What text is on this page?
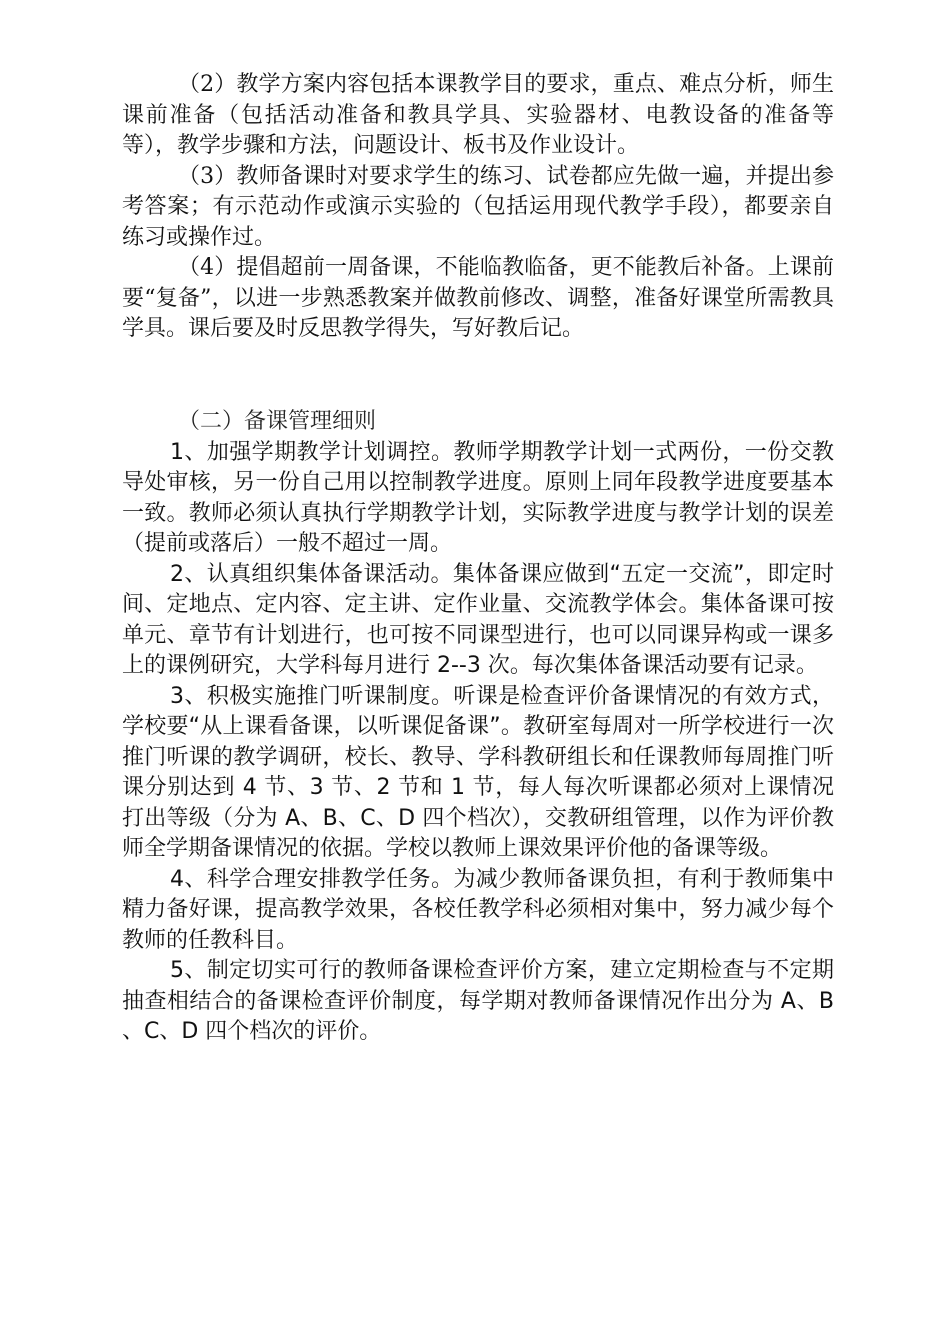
（2）教学方案内容包括本课教学目的要求，重点、难点分析，师生课前准备（包括活动准备和教具学具、实验器材、电教设备的准备等等），教学步骤和方法，问题设计、板书及作业设计。

（3）教师备课时对要求学生的练习、试卷都应先做一遍，并提出参考答案；有示范动作或演示实验的（包括运用现代教学手段），都要亲自练习或操作过。

（4）提倡超前一周备课，不能临教临备，更不能教后补备。上课前要“复备”，以进一步熟悉教案并做教前修改、调整，准备好课堂所需教具学具。课后要及时反思教学得失，写好教后记。

（二）备课管理细则

1、加强学期教学计划调控。教师学期教学计划一式两份，一份交教导处审核，另一份自己用以控制教学进度。原则上同年段教学进度要基本一致。教师必须认真执行学期教学计划，实际教学进度与教学计划的误差（提前或落后）一般不超过一周。

2、认真组织集体备课活动。集体备课应做到“五定一交流”，即定时间、定地点、定内容、定主讲、定作业量、交流教学体会。集体备课可按单元、章节有计划进行，也可按不同课型进行，也可以同课异构或一课多上的课例研究，大学科每月进行 2--3 次。每次集体备课活动要有记录。

3、积极实施推门听课制度。听课是检查评价备课情况的有效方式，学校要“从上课看备课，以听课促备课”。教研室每周对一所学校进行一次推门听课的教学调研，校长、教导、学科教研组长和任课教师每周推门听课分别达到 4 节、3 节、2 节和 1 节，每人每次听课都必须对上课情况打出等级（分为 A、B、C、D 四个档次），交教研组管理，以作为评价教师全学期备课情况的依据。学校以教师上课效果评价他的备课等级。

4、科学合理安排教学任务。为减少教师备课负担，有利于教师集中精力备好课，提高教学效果，各校任教学科必须相对集中，努力减少每个教师的任教科目。

5、制定切实可行的教师备课检查评价方案，建立定期检查与不定期抽查相结合的备课检查评价制度，每学期对教师备课情况作出分为 A、B 、C、D 四个档次的评价。
